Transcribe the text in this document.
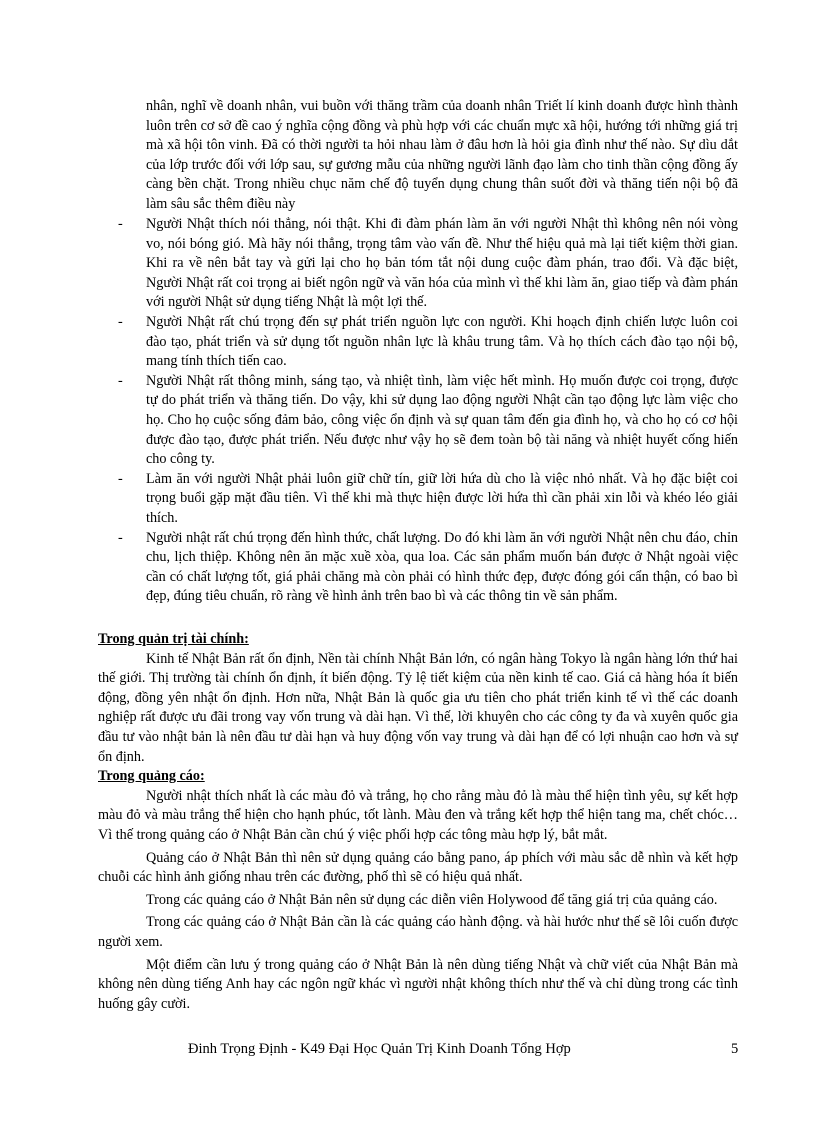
nhân, nghĩ về doanh nhân, vui buồn với thăng trầm của doanh nhân Triết lí kinh doanh được hình thành luôn trên cơ sở đề cao ý nghĩa cộng đồng và phù hợp với các chuẩn mực xã hội, hướng tới những giá trị mà xã hội tôn vinh. Đã có thời người ta hỏi nhau làm ở đâu hơn là hỏi gia đình như thế nào. Sự dìu dắt của lớp trước đối với lớp sau, sự gương mẫu của những người lãnh đạo làm cho tinh thần cộng đồng ấy càng bền chặt. Trong nhiều chục năm chế độ tuyển dụng chung thân suốt đời và thăng tiến nội bộ đã làm sâu sắc thêm điều này

- Người Nhật thích nói thẳng, nói thật. Khi đi đàm phán làm ăn với người Nhật thì không nên nói vòng vo, nói bóng gió. Mà hãy nói thẳng, trọng tâm vào vấn đề. Như thế hiệu quả mà lại tiết kiệm thời gian. Khi ra về nên bắt tay và gửi lại cho họ bản tóm tắt nội dung cuộc đàm phán, trao đổi. Và đặc biệt, Người Nhật rất coi trọng ai biết ngôn ngữ và văn hóa của mình vì thế khi làm ăn, giao tiếp và đàm phán với người Nhật sử dụng tiếng Nhật là một lợi thế.
- Người Nhật rất chú trọng đến sự phát triển nguồn lực con người. Khi hoạch định chiến lược luôn coi đào tạo, phát triển và sử dụng tốt nguồn nhân lực là khâu trung tâm. Và họ thích cách đào tạo nội bộ, mang tính thích tiến cao.
- Người Nhật rất thông minh, sáng tạo, và nhiệt tình, làm việc hết mình. Họ muốn được coi trọng, được tự do phát triển và thăng tiến. Do vậy, khi sử dụng lao động người Nhật cần tạo động lực làm việc cho họ. Cho họ cuộc sống đảm bảo, công việc ổn định và sự quan tâm đến gia đình họ, và cho họ có cơ hội được đào tạo, được phát triển. Nếu được như vậy họ sẽ đem toàn bộ tài năng và nhiệt huyết cống hiến cho công ty.
- Làm ăn với người Nhật phải luôn giữ chữ tín, giữ lời hứa dù cho là việc nhỏ nhất. Và họ đặc biệt coi trọng buổi gặp mặt đầu tiên. Vì thế khi mà thực hiện được lời hứa thì cần phải xin lỗi và khéo léo giải thích.
- Người nhật rất chú trọng đến hình thức, chất lượng. Do đó khi làm ăn với người Nhật nên chu đáo, chỉn chu, lịch thiệp. Không nên ăn mặc xuề xòa, qua loa. Các sản phẩm muốn bán được ở Nhật ngoài việc cần có chất lượng tốt, giá phải chăng mà còn phải có hình thức đẹp, được đóng gói cẩn thận, có bao bì đẹp, đúng tiêu chuẩn, rõ ràng về hình ảnh trên bao bì và các thông tin về sản phẩm.
Trong quản trị tài chính:

Kinh tế Nhật Bản rất ổn định, Nền tài chính Nhật Bản lớn, có ngân hàng Tokyo là ngân hàng lớn thứ hai thế giới. Thị trường tài chính ổn định, ít biến động. Tỷ lệ tiết kiệm của nền kinh tế cao. Giá cả hàng hóa ít biến động, đồng yên nhật ổn định. Hơn nữa, Nhật Bản là quốc gia ưu tiên cho phát triển kinh tế vì thế các doanh nghiệp rất được ưu đãi trong vay vốn trung và dài hạn. Vì thế, lời khuyên cho các công ty đa và xuyên quốc gia đầu tư vào nhật bản là nên đầu tư dài hạn và huy động vốn vay trung và dài hạn để có lợi nhuận cao hơn và sự ổn định.

Trong quảng cáo:

Người nhật thích nhất là các màu đỏ và trắng, họ cho rằng màu đỏ là màu thể hiện tình yêu, sự kết hợp màu đỏ và màu trắng thể hiện cho hạnh phúc, tốt lành. Màu đen và trắng kết hợp thể hiện tang ma, chết chóc… Vì thế trong quảng cáo ở Nhật Bản cần chú ý việc phối hợp các tông màu hợp lý, bắt mắt.

Quảng cáo ở Nhật Bản thì nên sử dụng quảng cáo bằng pano, áp phích với màu sắc dễ nhìn và kết hợp chuỗi các hình ảnh giống nhau trên các đường, phố thì sẽ có hiệu quả nhất.

Trong các quảng cáo ở Nhật Bản nên sử dụng các diễn viên Holywood để tăng giá trị của quảng cáo.

Trong các quảng cáo ở Nhật Bản cần là các quảng cáo hành động. và hài hước như thế sẽ lôi cuốn được người xem.

Một điểm cần lưu ý trong quảng cáo ở Nhật Bản là nên dùng tiếng Nhật và chữ viết của Nhật Bản mà không nên dùng tiếng Anh hay các ngôn ngữ khác vì người nhật không thích như thế và chỉ dùng trong các tình huống gây cười.

Đinh Trọng Định - K49 Đại Học Quản Trị Kinh Doanh Tổng Hợp	5
